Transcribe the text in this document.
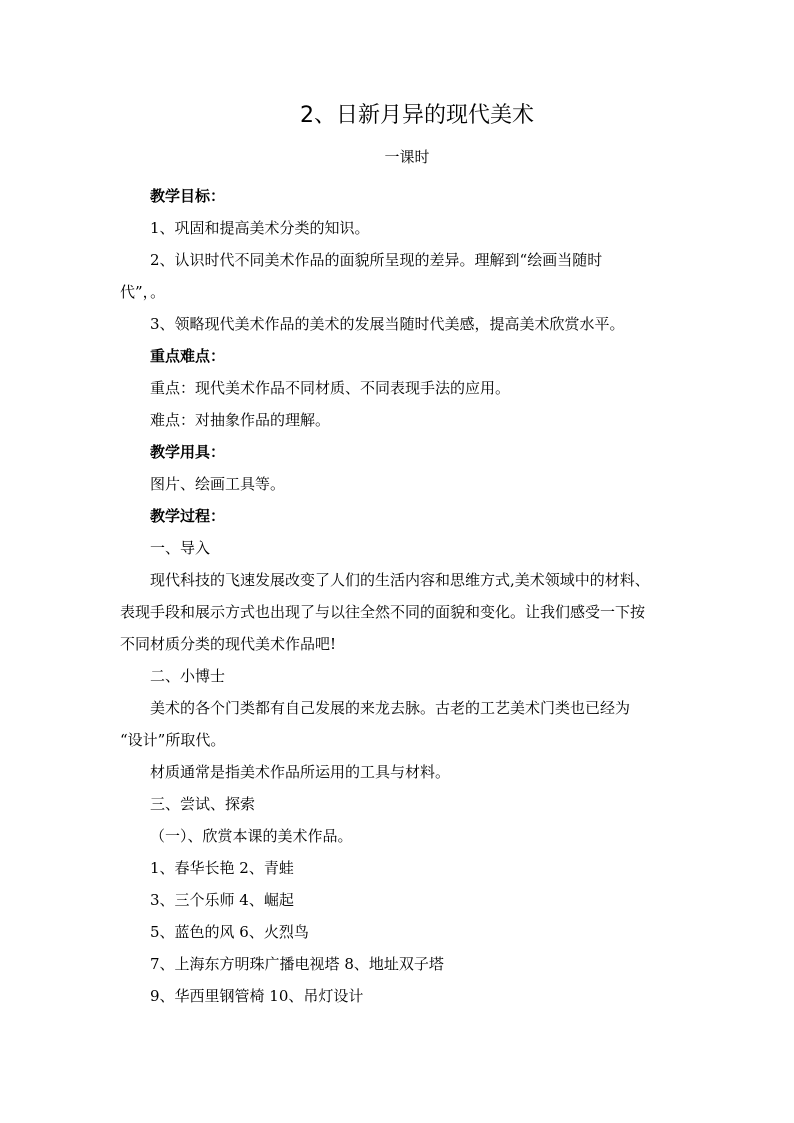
2、日新月异的现代美术
一课时
教学目标：
1、巩固和提高美术分类的知识。
2、认识时代不同美术作品的面貌所呈现的差异。理解到“绘画当随时
代”，。
3、领略现代美术作品的美术的发展当随时代美感，提高美术欣赏水平。
重点难点：
重点：现代美术作品不同材质、不同表现手法的应用。
难点：对抽象作品的理解。
教学用具：
图片、绘画工具等。
教学过程：
一、导入
现代科技的飞速发展改变了人们的生活内容和思维方式,美术领域中的材料、
表现手段和展示方式也出现了与以往全然不同的面貌和变化。让我们感受一下按
不同材质分类的现代美术作品吧!
二、小博士
美术的各个门类都有自己发展的来龙去脉。古老的工艺美术门类也已经为
“设计”所取代。
材质通常是指美术作品所运用的工具与材料。
三、尝试、探索
（一）、欣赏本课的美术作品。
1、春华长艳 2、青蛙
3、三个乐师 4、崛起
5、蓝色的风 6、火烈鸟
7、上海东方明珠广播电视塔 8、地址双子塔
9、华西里钢管椅 10、吊灯设计
